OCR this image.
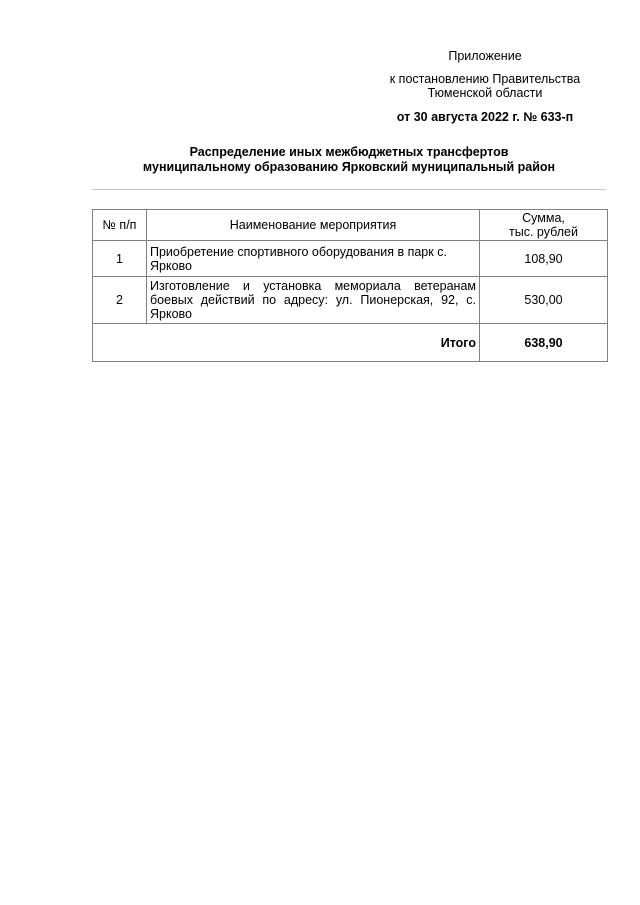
Приложение
к постановлению Правительства
Тюменской области
от 30 августа 2022 г. № 633-п
Распределение иных межбюджетных трансфертов
муниципальному образованию Ярковский муниципальный район
№ п/п	Наименование мероприятия	Сумма,
тыс. рублей
1	Приобретение спортивного оборудования в парк с. Ярково	108,90
2	Изготовление и установка мемориала ветеранам боевых действий по адресу: ул. Пионерская, 92, с. Ярково	530,00
Итого		638,90
